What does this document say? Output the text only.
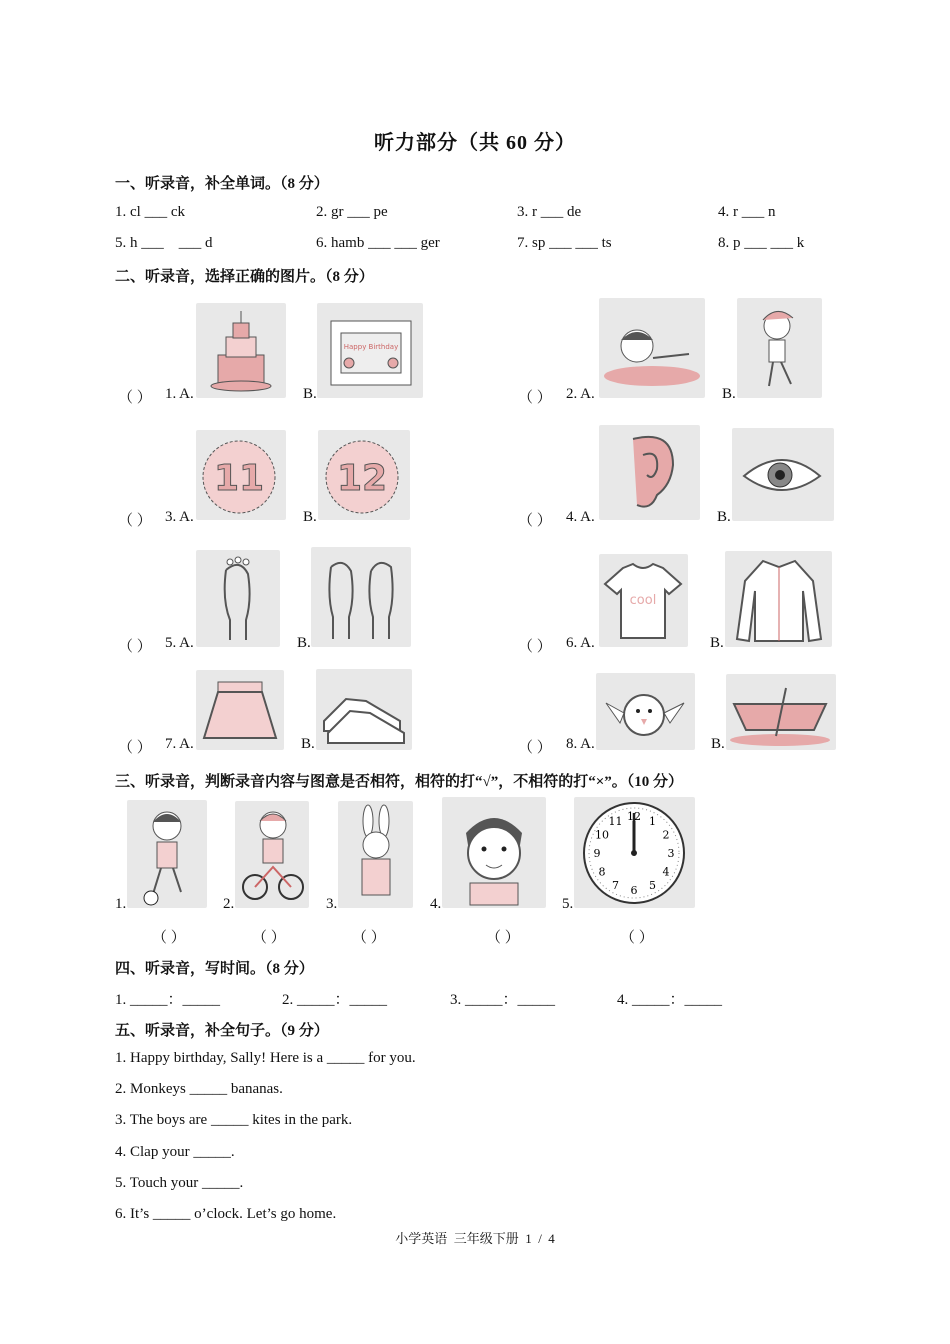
听力部分（共 60 分）
一、听录音，补全单词。（8 分）
1. cl ___ ck	2. gr ___ pe	3. r ___ de	4. r ___ n
5. h ___    ___ d	6. hamb ___ ___ ger	7. sp ___ ___ ts	8. p ___ ___ k
二、听录音，选择正确的图片。（8 分）
（ ） 1. A.	B.
Happy Birthday
（ ） 2. A.	B.
（ ） 3. A.
11
B.
12
（ ） 4. A.	B.
（ ） 5. A.	B.	（ ） 6. A.
cool
B.
（ ） 7. A.	B.	（ ） 8. A.	B.
三、听录音，判断录音内容与图意是否相符，相符的打“√”，不相符的打“×”。（10 分）
1.	2.	3.	4.	5.
12 1
2
3
4
5
6
7
8
9
10
11
（ ）	（ ）	（ ）	（ ）	（ ）
四、听录音，写时间。（8 分）
1. _____：_____	2. _____：_____	3. _____：_____	4. _____：_____
五、听录音，补全句子。（9 分）
1. Happy birthday, Sally! Here is a _____ for you.
2. Monkeys _____ bananas.
3. The boys are _____ kites in the park.
4. Clap your _____.
5. Touch your _____.
6. It’s _____ o’clock. Let’s go home.
小学英语  三年级下册  1  /  4
